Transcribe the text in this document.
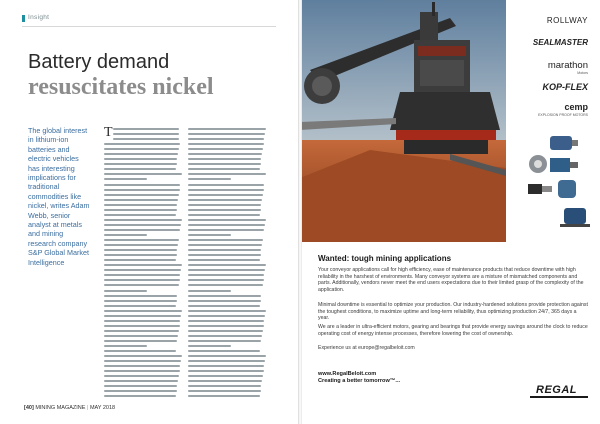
Insight
Battery demand
resuscitates nickel
The global interest in lithium-ion batteries and electric vehicles has interesting implications for traditional commodities like nickel, writes Adam Webb, senior analyst at metals and mining research company S&P Global Market Intelligence
T
[40] MINING MAGAZINE | MAY 2018
ROLLWAY
SEALMASTER
marathon
Motors
KOP-FLEX
cemp
EXPLOSION PROOF MOTORS
Wanted: tough mining applications

Your conveyor applications call for high efficiency, ease of maintenance products that reduce downtime with high reliability in the harshest of environments. Many conveyor systems are a mixture of mismatched components and parts. Additionally, vendors never meet the end users expectations due to their limited grasp of the complexity of the application.

Minimal downtime is essential to optimize your production. Our industry-hardened solutions provide protection against the toughest conditions, to maximize uptime and long-term reliability, thus optimizing production 24/7, 365 days a year.

We are a leader in ultra-efficient motors, gearing and bearings that provide energy savings around the clock to reduce operating cost of energy intense processes, therefore lowering the cost of ownership.

Experience us at europe@regalbeloit.com

www.RegalBeloit.com
Creating a better tomorrow™...
REGAL
